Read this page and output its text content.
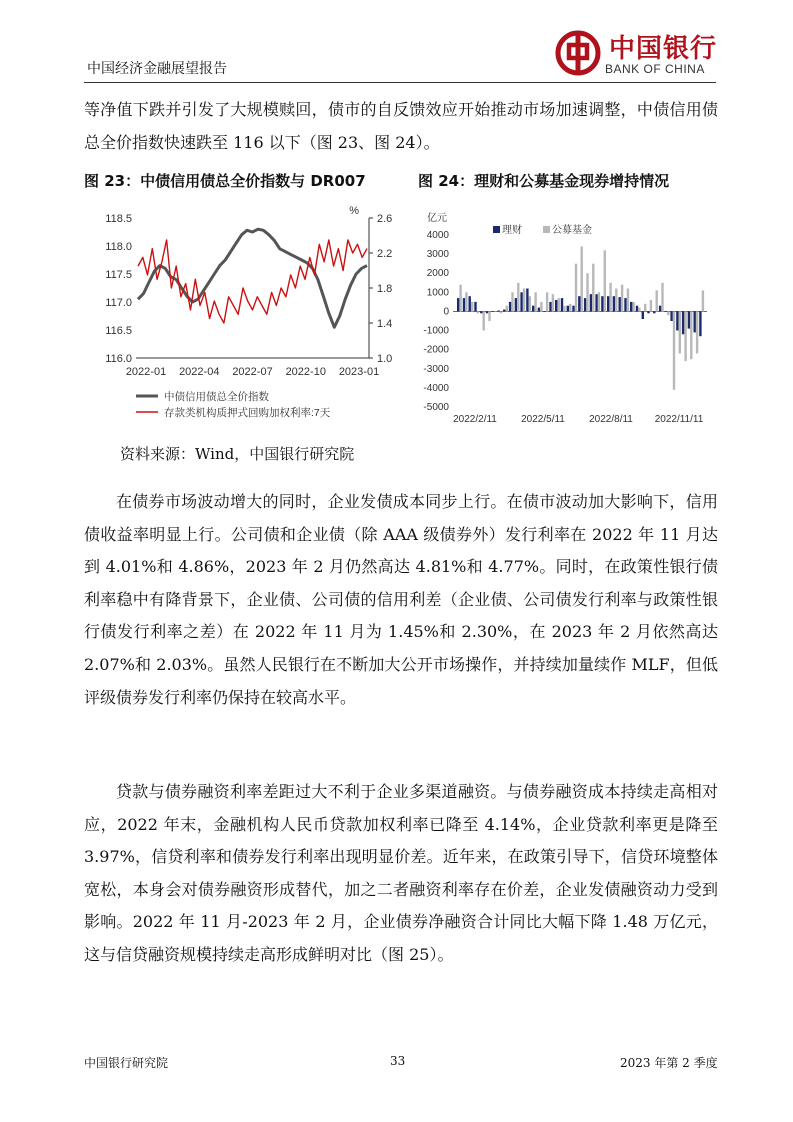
中国经济金融展望报告
中国银行
BANK OF CHINA

等净值下跌并引发了大规模赎回，债市的自反馈效应开始推动市场加速调整，中债信用债总全价指数快速跌至 116 以下（图 23、图 24）。

图 23：中债信用债总全价指数与 DR007	图 24：理财和公募基金现券增持情况
118.5
118.0
117.5
117.0
116.5
116.0
2.6
2.2
1.8
1.4
1.0
%
2022-01 2022-04 2022-07 2022-10 2023-01
中债信用债总全价指数
存款类机构质押式回购加权利率:7天
亿元
4000
3000
2000
1000
0
-1000
-2000
-3000
-4000
-5000
2022/2/11 2022/5/11 2022/8/11 2022/11/11
理财	公募基金
资料来源：Wind，中国银行研究院

在债券市场波动增大的同时，企业发债成本同步上行。在债市波动加大影响下，信用债收益率明显上行。公司债和企业债（除 AAA 级债券外）发行利率在 2022 年 11 月达到 4.01%和 4.86%，2023 年 2 月仍然高达 4.81%和 4.77%。同时，在政策性银行债利率稳中有降背景下，企业债、公司债的信用利差（企业债、公司债发行利率与政策性银行债发行利率之差）在 2022 年 11 月为 1.45%和 2.30%，在 2023 年 2 月依然高达 2.07%和 2.03%。虽然人民银行在不断加大公开市场操作，并持续加量续作 MLF，但低评级债券发行利率仍保持在较高水平。

贷款与债券融资利率差距过大不利于企业多渠道融资。与债券融资成本持续走高相对应，2022 年末，金融机构人民币贷款加权利率已降至 4.14%，企业贷款利率更是降至 3.97%，信贷利率和债券发行利率出现明显价差。近年来，在政策引导下，信贷环境整体宽松，本身会对债券融资形成替代，加之二者融资利率存在价差，企业发债融资动力受到影响。2022 年 11 月-2023 年 2 月，企业债券净融资合计同比大幅下降 1.48 万亿元，这与信贷融资规模持续走高形成鲜明对比（图 25）。

中国银行研究院	33	2023 年第 2 季度
